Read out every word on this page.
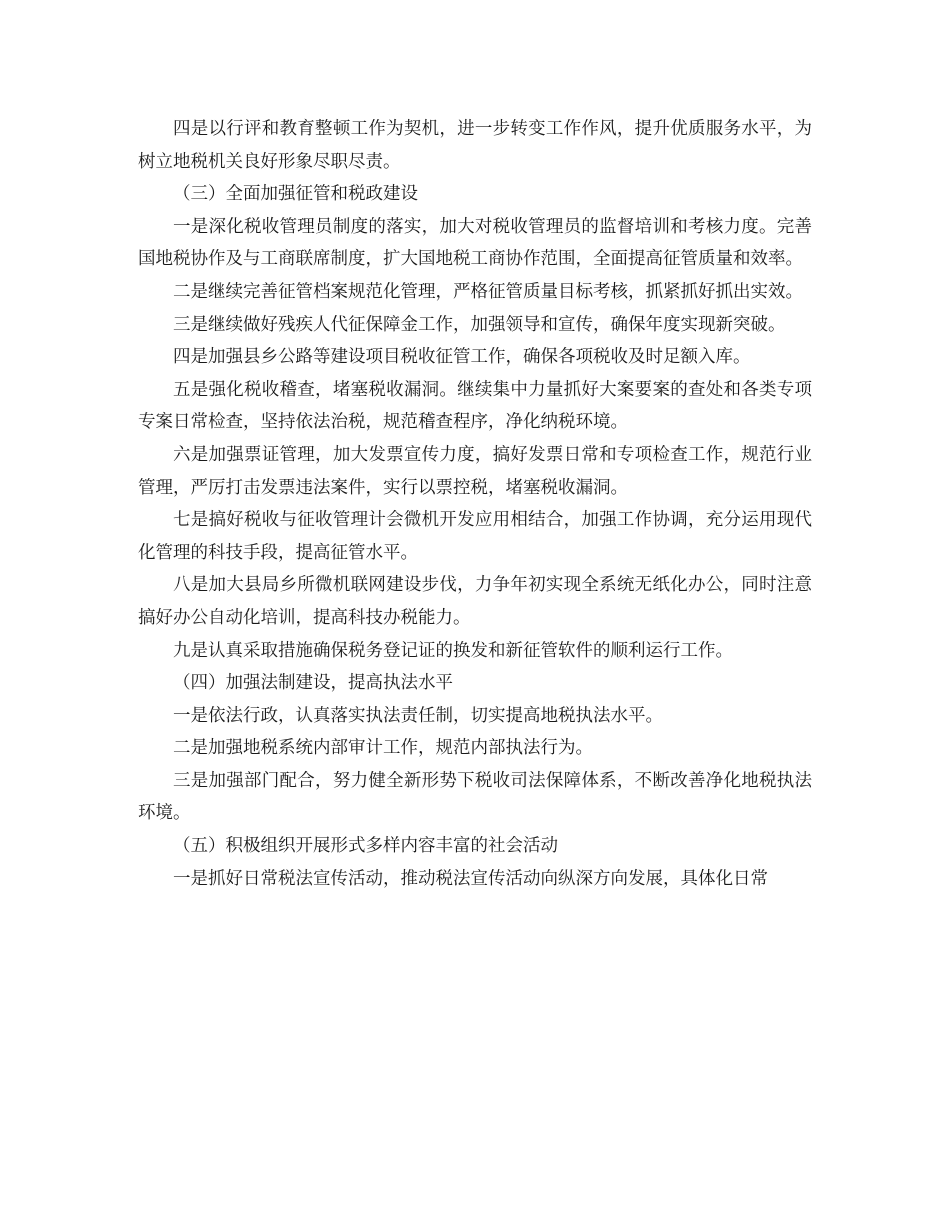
四是以行评和教育整顿工作为契机，进一步转变工作作风，提升优质服务水平，为树立地税机关良好形象尽职尽责。

（三）全面加强征管和税政建设

一是深化税收管理员制度的落实，加大对税收管理员的监督培训和考核力度。完善国地税协作及与工商联席制度，扩大国地税工商协作范围，全面提高征管质量和效率。

二是继续完善征管档案规范化管理，严格征管质量目标考核，抓紧抓好抓出实效。

三是继续做好残疾人代征保障金工作，加强领导和宣传，确保年度实现新突破。

四是加强县乡公路等建设项目税收征管工作，确保各项税收及时足额入库。

五是强化税收稽查，堵塞税收漏洞。继续集中力量抓好大案要案的查处和各类专项专案日常检查，坚持依法治税，规范稽查程序，净化纳税环境。

六是加强票证管理，加大发票宣传力度，搞好发票日常和专项检查工作，规范行业管理，严厉打击发票违法案件，实行以票控税，堵塞税收漏洞。

七是搞好税收与征收管理计会微机开发应用相结合，加强工作协调，充分运用现代化管理的科技手段，提高征管水平。

八是加大县局乡所微机联网建设步伐，力争年初实现全系统无纸化办公，同时注意搞好办公自动化培训，提高科技办税能力。

九是认真采取措施确保税务登记证的换发和新征管软件的顺利运行工作。

（四）加强法制建设，提高执法水平

一是依法行政，认真落实执法责任制，切实提高地税执法水平。

二是加强地税系统内部审计工作，规范内部执法行为。

三是加强部门配合，努力健全新形势下税收司法保障体系，不断改善净化地税执法环境。

（五）积极组织开展形式多样内容丰富的社会活动

一是抓好日常税法宣传活动，推动税法宣传活动向纵深方向发展，具体化日常
